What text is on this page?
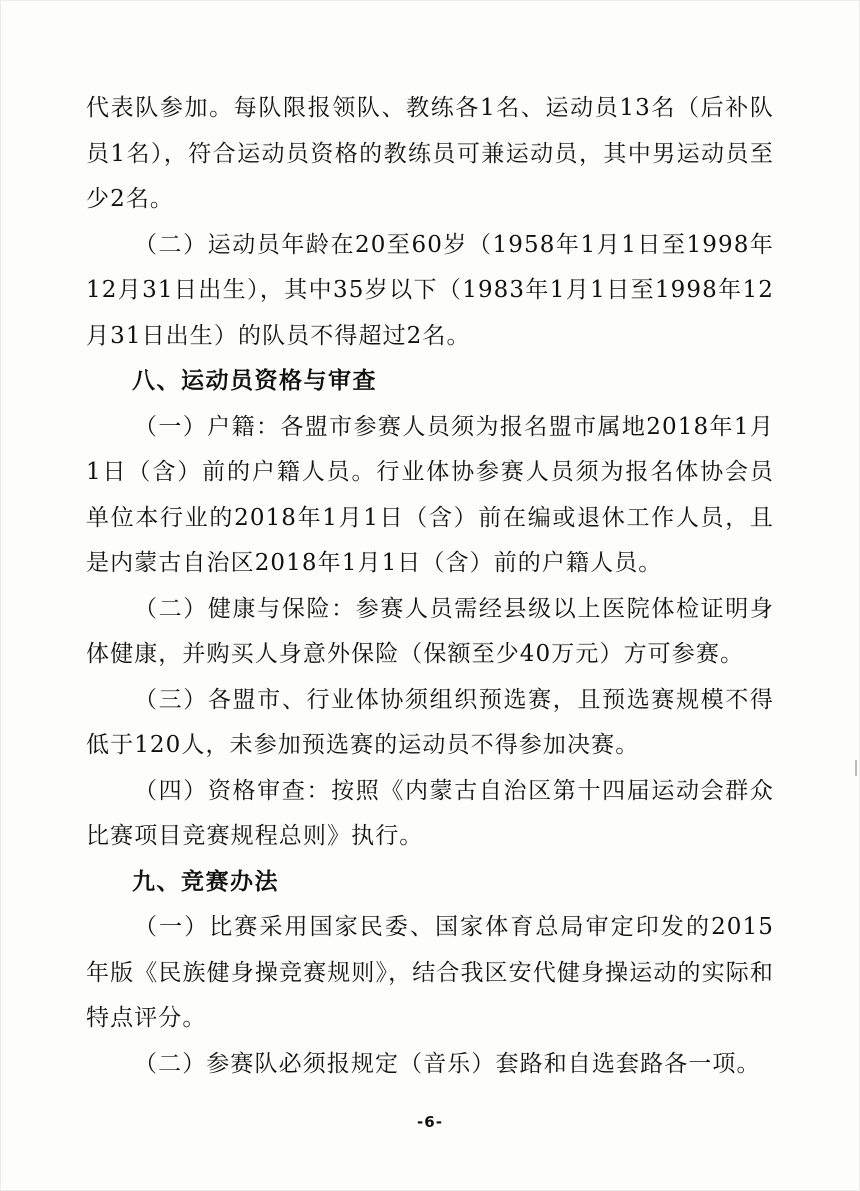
代表队参加。每队限报领队、教练各1名、运动员13名（后补队员1名），符合运动员资格的教练员可兼运动员，其中男运动员至少2名。

（二）运动员年龄在20至60岁（1958年1月1日至1998年12月31日出生），其中35岁以下（1983年1月1日至1998年12月31日出生）的队员不得超过2名。

八、运动员资格与审查

（一）户籍：各盟市参赛人员须为报名盟市属地2018年1月1日（含）前的户籍人员。行业体协参赛人员须为报名体协会员单位本行业的2018年1月1日（含）前在编或退休工作人员，且是内蒙古自治区2018年1月1日（含）前的户籍人员。

（二）健康与保险：参赛人员需经县级以上医院体检证明身体健康，并购买人身意外保险（保额至少40万元）方可参赛。

（三）各盟市、行业体协须组织预选赛，且预选赛规模不得低于120人，未参加预选赛的运动员不得参加决赛。

（四）资格审查：按照《内蒙古自治区第十四届运动会群众比赛项目竞赛规程总则》执行。

九、竞赛办法

（一）比赛采用国家民委、国家体育总局审定印发的2015年版《民族健身操竞赛规则》，结合我区安代健身操运动的实际和特点评分。

（二）参赛队必须报规定（音乐）套路和自选套路各一项。

-6-
